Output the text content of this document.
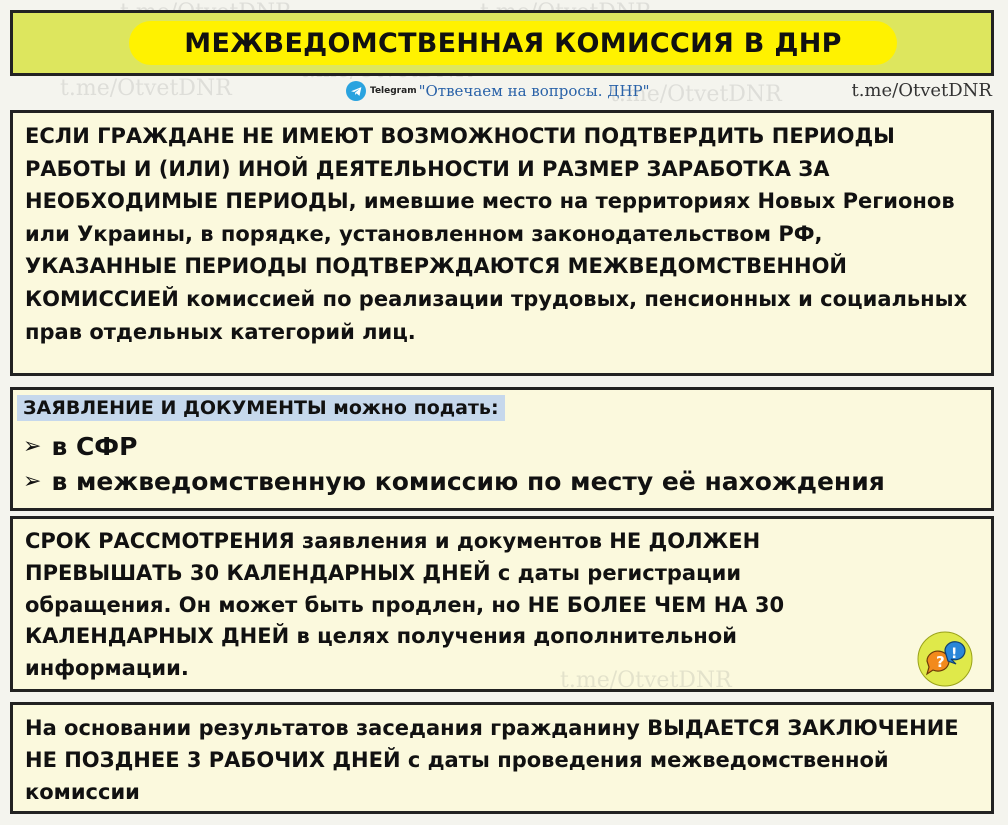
t.me/OtvetDNR	t.me/OtvetDNR
МЕЖВЕДОМСТВЕННАЯ КОМИССИЯ В ДНР
Telegram "Отвечаем на вопросы. ДНР"	t.me/OtvetDNR
ЕСЛИ ГРАЖДАНЕ НЕ ИМЕЮТ ВОЗМОЖНОСТИ ПОДТВЕРДИТЬ ПЕРИОДЫ РАБОТЫ И (ИЛИ) ИНОЙ ДЕЯТЕЛЬНОСТИ И РАЗМЕР ЗАРАБОТКА ЗА НЕОБХОДИМЫЕ ПЕРИОДЫ, имевшие место на территориях Новых Регионов или Украины, в порядке, установленном законодательством РФ, УКАЗАННЫЕ ПЕРИОДЫ ПОДТВЕРЖДАЮТСЯ МЕЖВЕДОМСТВЕННОЙ КОМИССИЕЙ комиссией по реализации трудовых, пенсионных и социальных прав отдельных категорий лиц.
ЗАЯВЛЕНИЕ И ДОКУМЕНТЫ можно подать:
➢ в СФР
➢ в межведомственную комиссию по месту её нахождения
СРОК РАССМОТРЕНИЯ заявления и документов НЕ ДОЛЖЕН ПРЕВЫШАТЬ 30 КАЛЕНДАРНЫХ ДНЕЙ с даты регистрации обращения. Он может быть продлен, но НЕ БОЛЕЕ ЧЕМ НА 30 КАЛЕНДАРНЫХ ДНЕЙ в целях получения дополнительной информации.	? !
На основании результатов заседания гражданину ВЫДАЕТСЯ ЗАКЛЮЧЕНИЕ НЕ ПОЗДНЕЕ 3 РАБОЧИХ ДНЕЙ с даты проведения межведомственной комиссии
